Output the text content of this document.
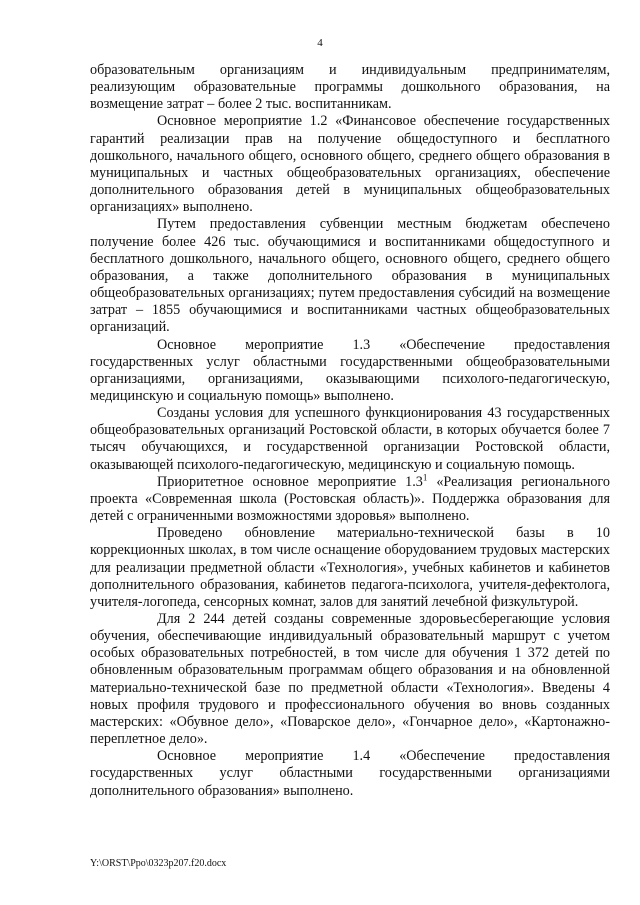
4

образовательным организациям и индивидуальным предпринимателям, реализующим образовательные программы дошкольного образования, на возмещение затрат – более 2 тыс. воспитанникам.

Основное мероприятие 1.2 «Финансовое обеспечение государственных гарантий реализации прав на получение общедоступного и бесплатного дошкольного, начального общего, основного общего, среднего общего образования в муниципальных и частных общеобразовательных организациях, обеспечение дополнительного образования детей в муниципальных общеобразовательных организациях» выполнено.

Путем предоставления субвенции местным бюджетам обеспечено получение более 426 тыс. обучающимися и воспитанниками общедоступного и бесплатного дошкольного, начального общего, основного общего, среднего общего образования, а также дополнительного образования в муниципальных общеобразовательных организациях; путем предоставления субсидий на возмещение затрат – 1855 обучающимися и воспитанниками частных общеобразовательных организаций.

Основное мероприятие 1.3 «Обеспечение предоставления государственных услуг областными государственными общеобразовательными организациями, организациями, оказывающими психолого-педагогическую, медицинскую и социальную помощь» выполнено.

Созданы условия для успешного функционирования 43 государственных общеобразовательных организаций Ростовской области, в которых обучается более 7 тысяч обучающихся, и государственной организации Ростовской области, оказывающей психолого-педагогическую, медицинскую и социальную помощь.

Приоритетное основное мероприятие $1.3^1$ «Реализация регионального проекта «Современная школа (Ростовская область)». Поддержка образования для детей с ограниченными возможностями здоровья» выполнено.

Проведено обновление материально-технической базы в 10 коррекционных школах, в том числе оснащение оборудованием трудовых мастерских для реализации предметной области «Технология», учебных кабинетов и кабинетов дополнительного образования, кабинетов педагога-психолога, учителя-дефектолога, учителя-логопеда, сенсорных комнат, залов для занятий лечебной физкультурой.

Для 2 244 детей созданы современные здоровьесберегающие условия обучения, обеспечивающие индивидуальный образовательный маршрут с учетом особых образовательных потребностей, в том числе для обучения 1 372 детей по обновленным образовательным программам общего образования и на обновленной материально-технической базе по предметной области «Технология». Введены 4 новых профиля трудового и профессионального обучения во вновь созданных мастерских: «Обувное дело», «Поварское дело», «Гончарное дело», «Картонажно-переплетное дело».

Основное мероприятие 1.4 «Обеспечение предоставления государственных услуг областными государственными организациями дополнительного образования» выполнено.

Y:\ORST\Ppo\0323p207.f20.docx
